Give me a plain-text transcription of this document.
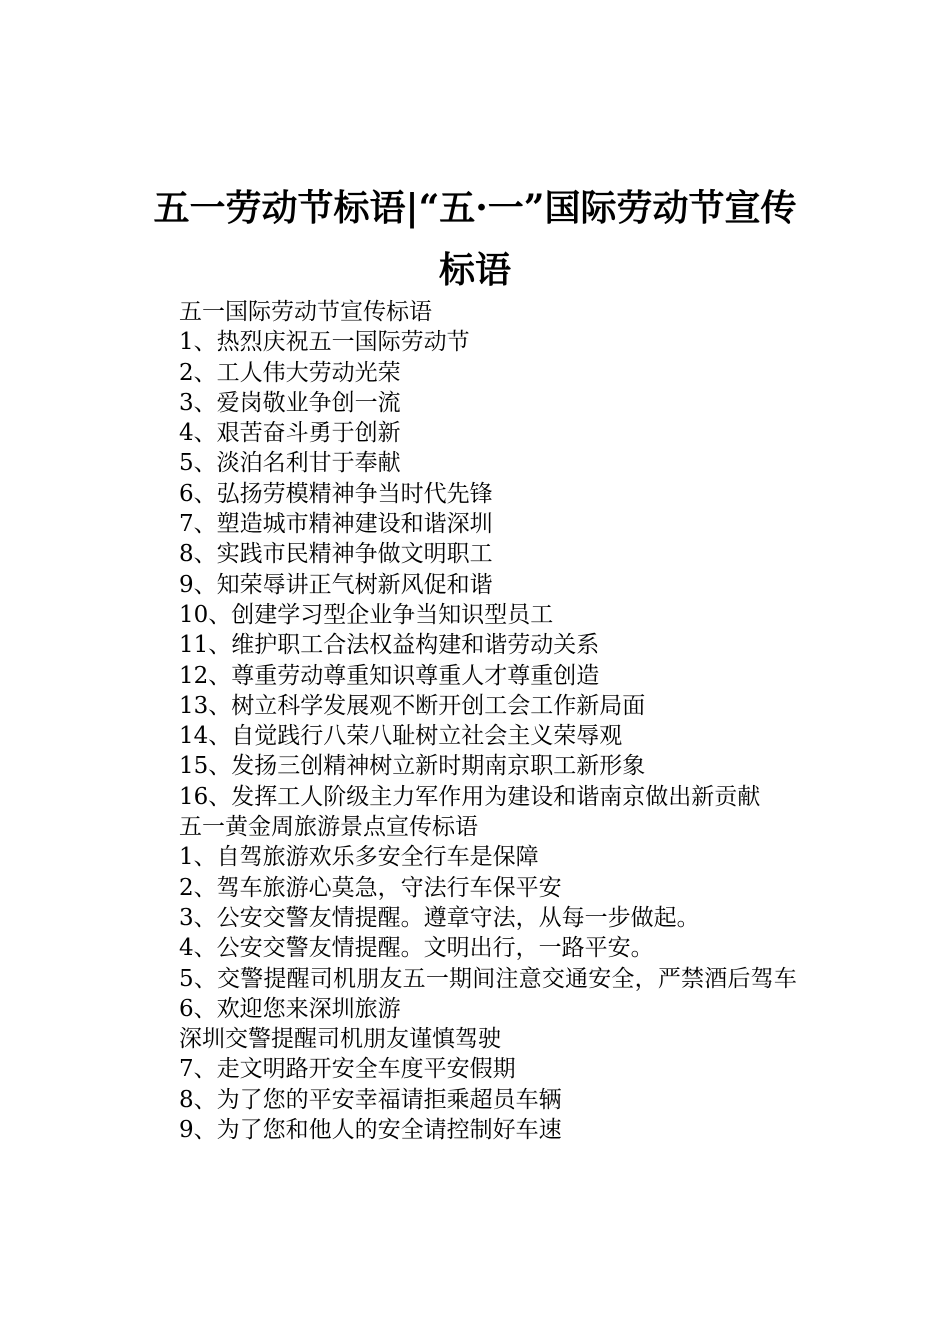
五一劳动节标语|“五·一”国际劳动节宣传
标语

五一国际劳动节宣传标语

1、热烈庆祝五一国际劳动节

2、工人伟大劳动光荣

3、爱岗敬业争创一流

4、艰苦奋斗勇于创新

5、淡泊名利甘于奉献

6、弘扬劳模精神争当时代先锋

7、塑造城市精神建设和谐深圳

8、实践市民精神争做文明职工

9、知荣辱讲正气树新风促和谐

10、创建学习型企业争当知识型员工

11、维护职工合法权益构建和谐劳动关系

12、尊重劳动尊重知识尊重人才尊重创造

13、树立科学发展观不断开创工会工作新局面

14、自觉践行八荣八耻树立社会主义荣辱观

15、发扬三创精神树立新时期南京职工新形象

16、发挥工人阶级主力军作用为建设和谐南京做出新贡献

五一黄金周旅游景点宣传标语

1、自驾旅游欢乐多安全行车是保障

2、驾车旅游心莫急，守法行车保平安

3、公安交警友情提醒。遵章守法，从每一步做起。

4、公安交警友情提醒。文明出行，一路平安。

5、交警提醒司机朋友五一期间注意交通安全，严禁酒后驾车

6、欢迎您来深圳旅游

深圳交警提醒司机朋友谨慎驾驶

7、走文明路开安全车度平安假期

8、为了您的平安幸福请拒乘超员车辆

9、为了您和他人的安全请控制好车速
